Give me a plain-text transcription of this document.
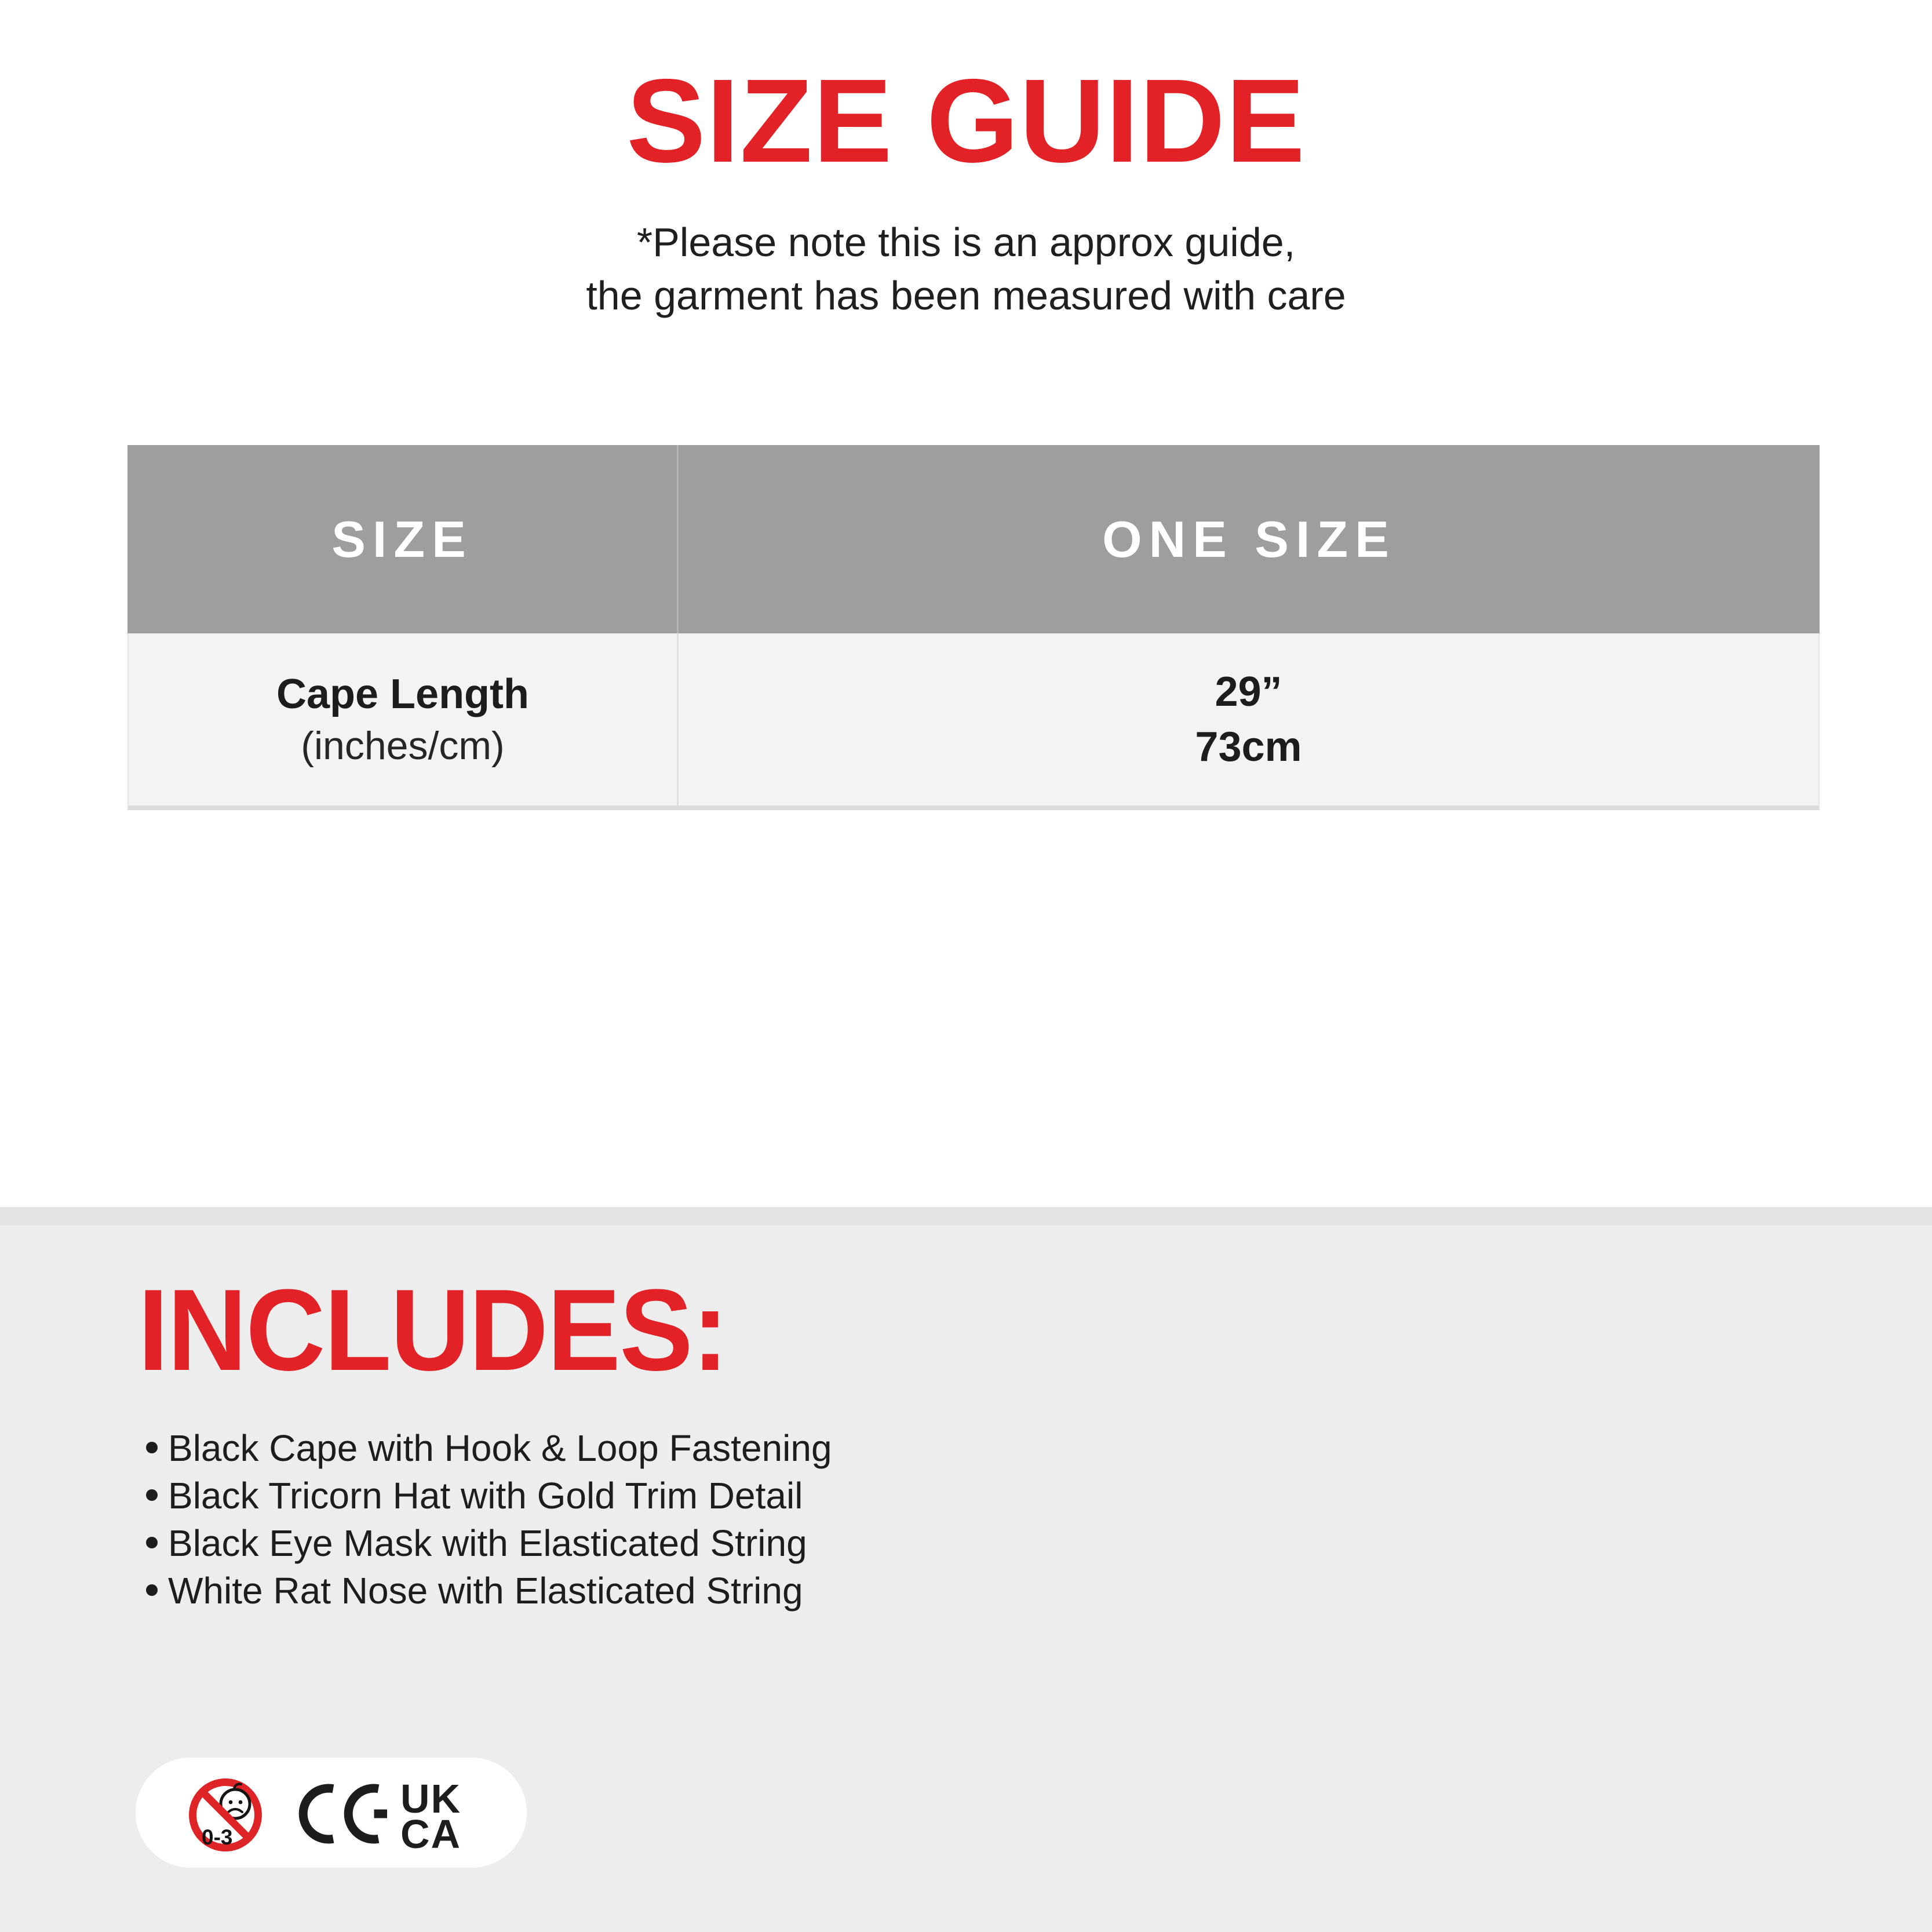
SIZE GUIDE
*Please note this is an approx guide,
the garment has been measured with care
SIZE	ONE SIZE
Cape Length
(inches/cm)
29”
73cm
INCLUDES:
Black Cape with Hook & Loop Fastening
Black Tricorn Hat with Gold Trim Detail
Black Eye Mask with Elasticated String
White Rat Nose with Elasticated String
0-3
UK
CA
